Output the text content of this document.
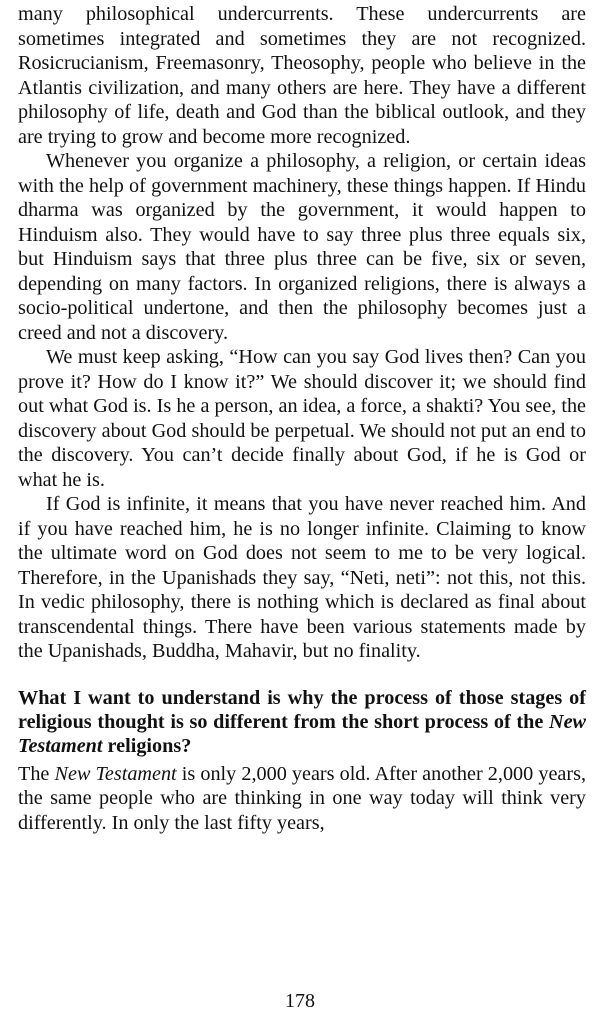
many philosophical undercurrents. These undercurrents are sometimes integrated and sometimes they are not recognized. Rosicrucianism, Freemasonry, Theosophy, people who believe in the Atlantis civilization, and many others are here. They have a different philosophy of life, death and God than the biblical outlook, and they are trying to grow and become more recognized.

Whenever you organize a philosophy, a religion, or certain ideas with the help of government machinery, these things happen. If Hindu dharma was organized by the government, it would happen to Hinduism also. They would have to say three plus three equals six, but Hinduism says that three plus three can be five, six or seven, depending on many factors. In organized religions, there is always a socio-political undertone, and then the philosophy becomes just a creed and not a discovery.

We must keep asking, “How can you say God lives then? Can you prove it? How do I know it?” We should discover it; we should find out what God is. Is he a person, an idea, a force, a shakti? You see, the discovery about God should be perpetual. We should not put an end to the discovery. You can’t decide finally about God, if he is God or what he is.

If God is infinite, it means that you have never reached him. And if you have reached him, he is no longer infinite. Claiming to know the ultimate word on God does not seem to me to be very logical. Therefore, in the Upanishads they say, “Neti, neti”: not this, not this. In vedic philosophy, there is nothing which is declared as final about transcendental things. There have been various statements made by the Upanishads, Buddha, Mahavir, but no finality.

What I want to understand is why the process of those stages of religious thought is so different from the short process of the New Testament religions?

The New Testament is only 2,000 years old. After another 2,000 years, the same people who are thinking in one way today will think very differently. In only the last fifty years,

178
